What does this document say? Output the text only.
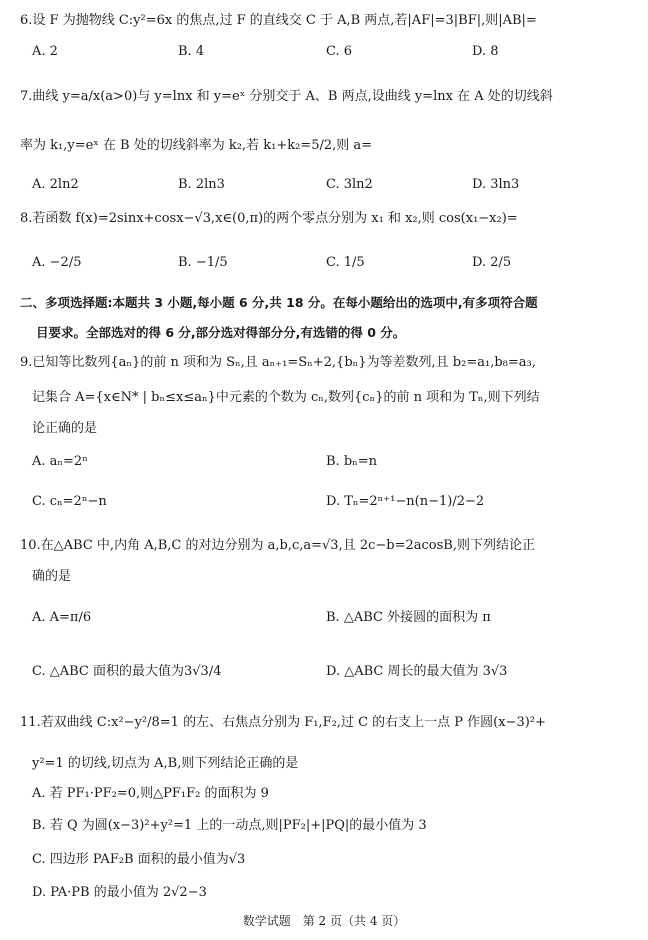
6.设 F 为抛物线 C:y²=6x 的焦点,过 F 的直线交 C 于 A,B 两点,若|AF|=3|BF|,则|AB|=
A. 2	B. 4	C. 6	D. 8
7.曲线 y=a/x(a>0)与 y=lnx 和 y=eˣ 分别交于 A、B 两点,设曲线 y=lnx 在 A 处的切线斜
率为 k₁,y=eˣ 在 B 处的切线斜率为 k₂,若 k₁+k₂=5/2,则 a=
A. 2ln2	B. 2ln3	C. 3ln2	D. 3ln3
8.若函数 f(x)=2sinx+cosx−√3,x∈(0,π)的两个零点分别为 x₁ 和 x₂,则 cos(x₁−x₂)=
A. −2/5	B. −1/5	C. 1/5	D. 2/5
二、多项选择题:本题共 3 小题,每小题 6 分,共 18 分。在每小题给出的选项中,有多项符合题
目要求。全部选对的得 6 分,部分选对得部分分,有选错的得 0 分。
9.已知等比数列{aₙ}的前 n 项和为 Sₙ,且 aₙ₊₁=Sₙ+2,{bₙ}为等差数列,且 b₂=a₁,b₈=a₃,
记集合 A={x∈N* | bₙ≤x≤aₙ}中元素的个数为 cₙ,数列{cₙ}的前 n 项和为 Tₙ,则下列结
论正确的是
A. aₙ=2ⁿ	B. bₙ=n
C. cₙ=2ⁿ−n	D. Tₙ=2ⁿ⁺¹−n(n−1)/2−2
10.在△ABC 中,内角 A,B,C 的对边分别为 a,b,c,a=√3,且 2c−b=2acosB,则下列结论正
确的是
A. A=π/6	B. △ABC 外接圆的面积为 π
C. △ABC 面积的最大值为3√3/4	D. △ABC 周长的最大值为 3√3
11.若双曲线 C:x²−y²/8=1 的左、右焦点分别为 F₁,F₂,过 C 的右支上一点 P 作圆(x−3)²+
y²=1 的切线,切点为 A,B,则下列结论正确的是
A. 若 PF₁·PF₂=0,则△PF₁F₂ 的面积为 9
B. 若 Q 为圆(x−3)²+y²=1 上的一动点,则|PF₂|+|PQ|的最小值为 3
C. 四边形 PAF₂B 面积的最小值为√3
D. PA·PB 的最小值为 2√2−3
数学试题　第 2 页（共 4 页）
